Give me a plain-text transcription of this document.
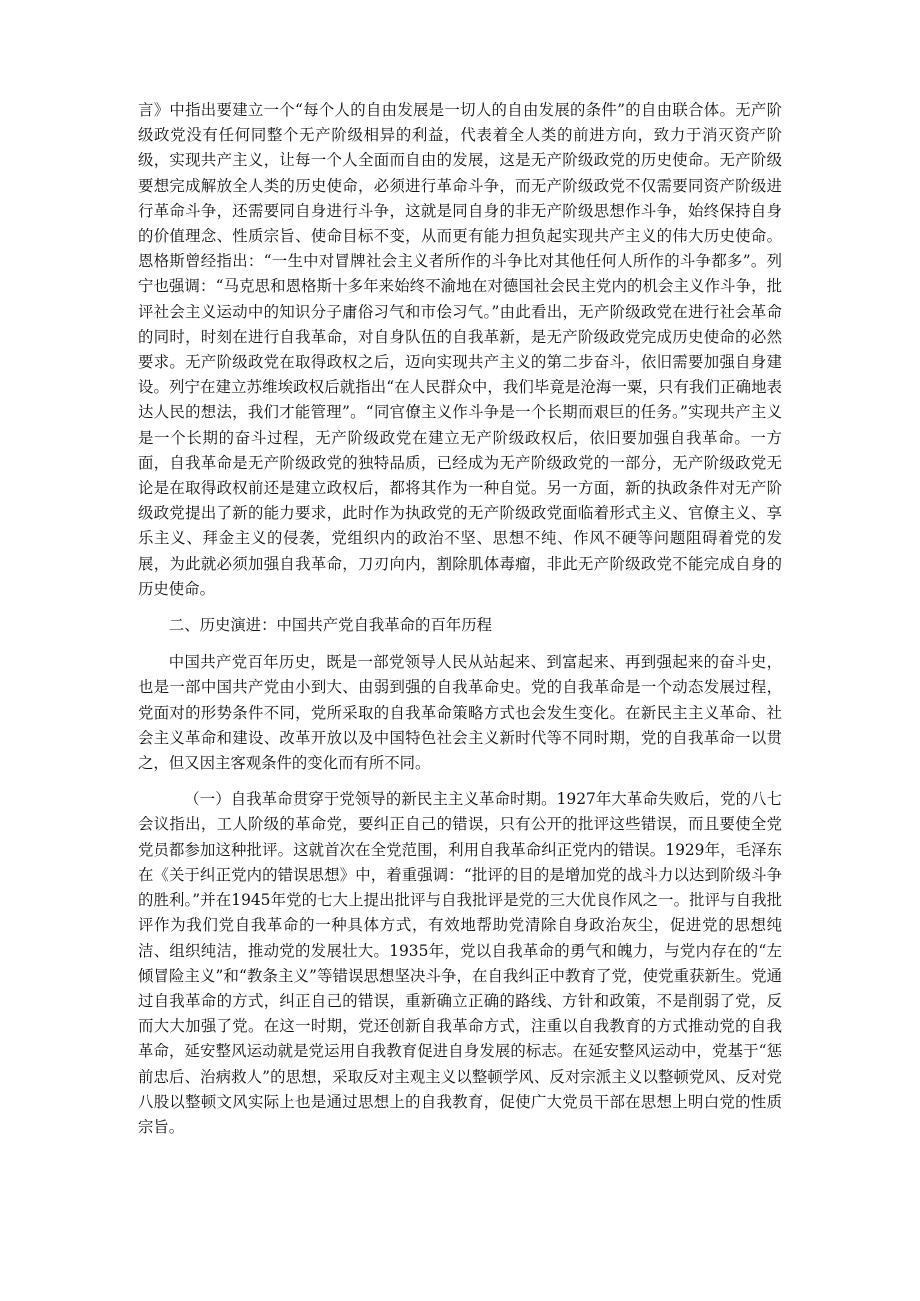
言》中指出要建立一个“每个人的自由发展是一切人的自由发展的条件”的自由联合体。无产阶级政党没有任何同整个无产阶级相异的利益，代表着全人类的前进方向，致力于消灭资产阶级，实现共产主义，让每一个人全面而自由的发展，这是无产阶级政党的历史使命。无产阶级要想完成解放全人类的历史使命，必须进行革命斗争，而无产阶级政党不仅需要同资产阶级进行革命斗争，还需要同自身进行斗争，这就是同自身的非无产阶级思想作斗争，始终保持自身的价值理念、性质宗旨、使命目标不变，从而更有能力担负起实现共产主义的伟大历史使命。恩格斯曾经指出：“一生中对冒牌社会主义者所作的斗争比对其他任何人所作的斗争都多”。列宁也强调：“马克思和恩格斯十多年来始终不渝地在对德国社会民主党内的机会主义作斗争，批评社会主义运动中的知识分子庸俗习气和市侩习气。”由此看出，无产阶级政党在进行社会革命的同时，时刻在进行自我革命，对自身队伍的自我革新，是无产阶级政党完成历史使命的必然要求。无产阶级政党在取得政权之后，迈向实现共产主义的第二步奋斗，依旧需要加强自身建设。列宁在建立苏维埃政权后就指出“在人民群众中，我们毕竟是沧海一粟，只有我们正确地表达人民的想法，我们才能管理”。“同官僚主义作斗争是一个长期而艰巨的任务。”实现共产主义是一个长期的奋斗过程，无产阶级政党在建立无产阶级政权后，依旧要加强自我革命。一方面，自我革命是无产阶级政党的独特品质，已经成为无产阶级政党的一部分，无产阶级政党无论是在取得政权前还是建立政权后，都将其作为一种自觉。另一方面，新的执政条件对无产阶级政党提出了新的能力要求，此时作为执政党的无产阶级政党面临着形式主义、官僚主义、享乐主义、拜金主义的侵袭，党组织内的政治不坚、思想不纯、作风不硬等问题阻碍着党的发展，为此就必须加强自我革命，刀刃向内，割除肌体毒瘤，非此无产阶级政党不能完成自身的历史使命。

二、历史演进：中国共产党自我革命的百年历程

中国共产党百年历史，既是一部党领导人民从站起来、到富起来、再到强起来的奋斗史，也是一部中国共产党由小到大、由弱到强的自我革命史。党的自我革命是一个动态发展过程，党面对的形势条件不同，党所采取的自我革命策略方式也会发生变化。在新民主主义革命、社会主义革命和建设、改革开放以及中国特色社会主义新时代等不同时期，党的自我革命一以贯之，但又因主客观条件的变化而有所不同。

（一）自我革命贯穿于党领导的新民主主义革命时期。1927年大革命失败后，党的八七会议指出，工人阶级的革命党，要纠正自己的错误，只有公开的批评这些错误，而且要使全党党员都参加这种批评。这就首次在全党范围，利用自我革命纠正党内的错误。1929年，毛泽东在《关于纠正党内的错误思想》中，着重强调：“批评的目的是增加党的战斗力以达到阶级斗争的胜利。”并在1945年党的七大上提出批评与自我批评是党的三大优良作风之一。批评与自我批评作为我们党自我革命的一种具体方式，有效地帮助党清除自身政治灰尘，促进党的思想纯洁、组织纯洁，推动党的发展壮大。1935年，党以自我革命的勇气和魄力，与党内存在的“左倾冒险主义”和“教条主义”等错误思想坚决斗争，在自我纠正中教育了党，使党重获新生。党通过自我革命的方式，纠正自己的错误，重新确立正确的路线、方针和政策，不是削弱了党，反而大大加强了党。在这一时期，党还创新自我革命方式，注重以自我教育的方式推动党的自我革命，延安整风运动就是党运用自我教育促进自身发展的标志。在延安整风运动中，党基于“惩前忠后、治病救人”的思想，采取反对主观主义以整顿学风、反对宗派主义以整顿党风、反对党八股以整顿文风实际上也是通过思想上的自我教育，促使广大党员干部在思想上明白党的性质宗旨。
